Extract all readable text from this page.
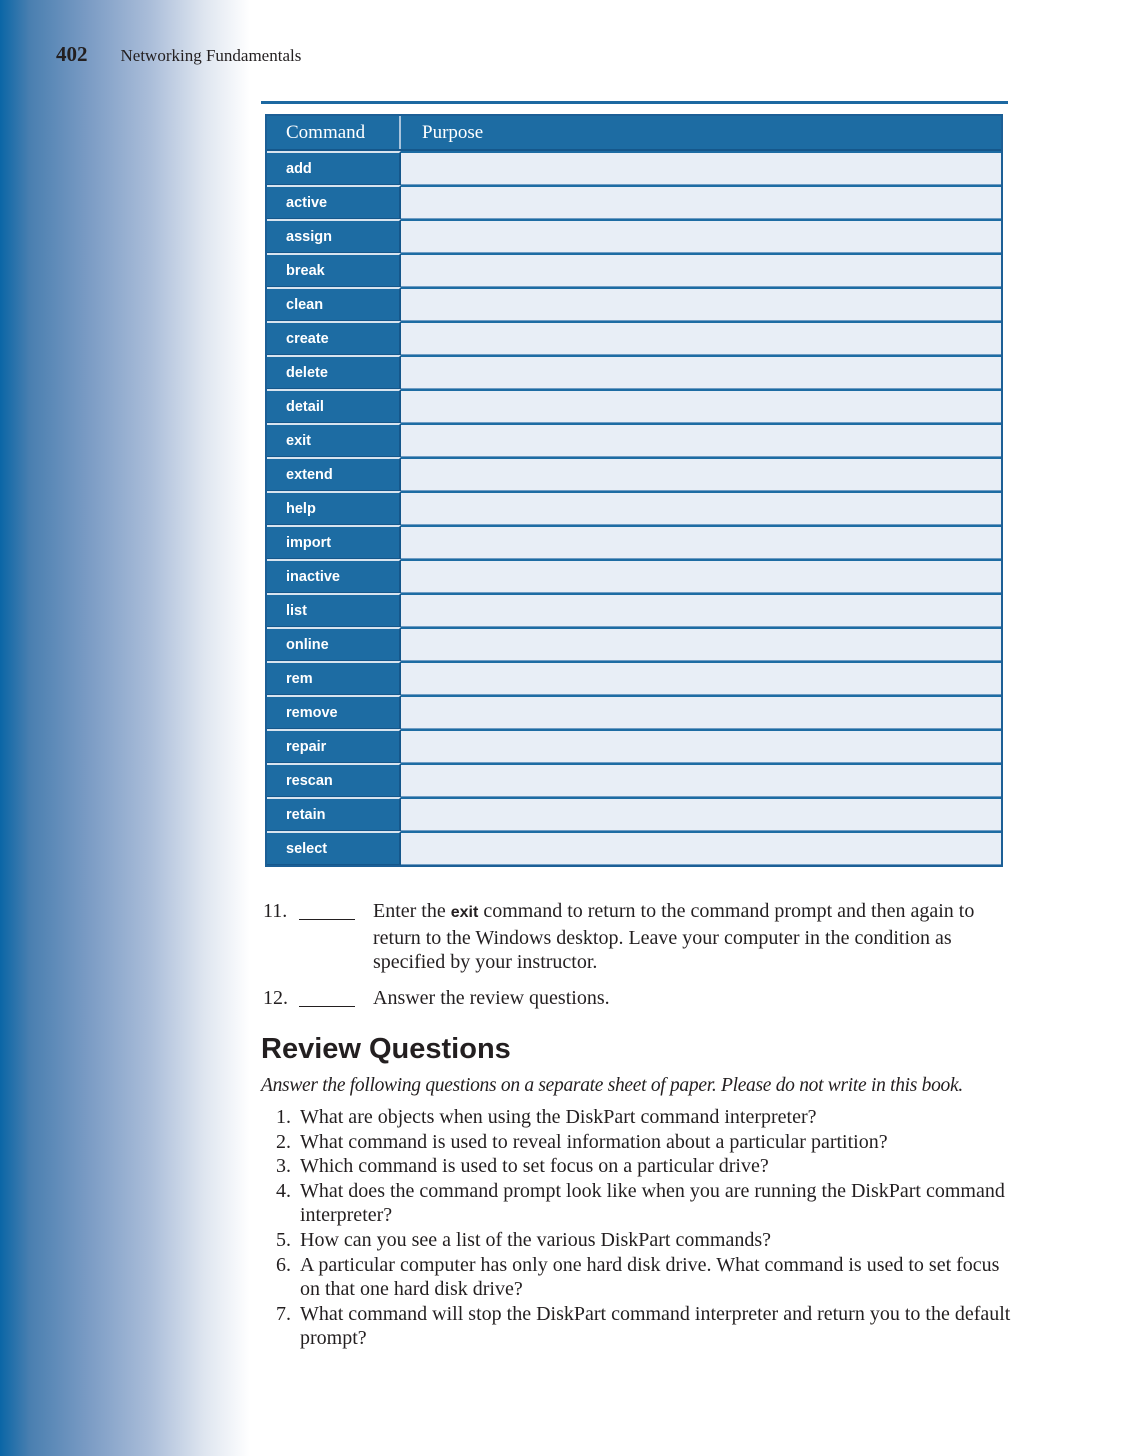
402 Networking Fundamentals
Command	Purpose
add
active
assign
break
clean
create
delete
detail
exit
extend
help
import
inactive
list
online
rem
remove
repair
rescan
retain
select
11.	Enter the exit command to return to the command prompt and then again to return to the Windows desktop. Leave your computer in the condition as specified by your instructor.
12.	Answer the review questions.
Review Questions
Answer the following questions on a separate sheet of paper. Please do not write in this book.
1. What are objects when using the DiskPart command interpreter?
2. What command is used to reveal information about a particular partition?
3. Which command is used to set focus on a particular drive?
4. What does the command prompt look like when you are running the DiskPart command interpreter?
5. How can you see a list of the various DiskPart commands?
6. A particular computer has only one hard disk drive. What command is used to set focus on that one hard disk drive?
7. What command will stop the DiskPart command interpreter and return you to the default prompt?
